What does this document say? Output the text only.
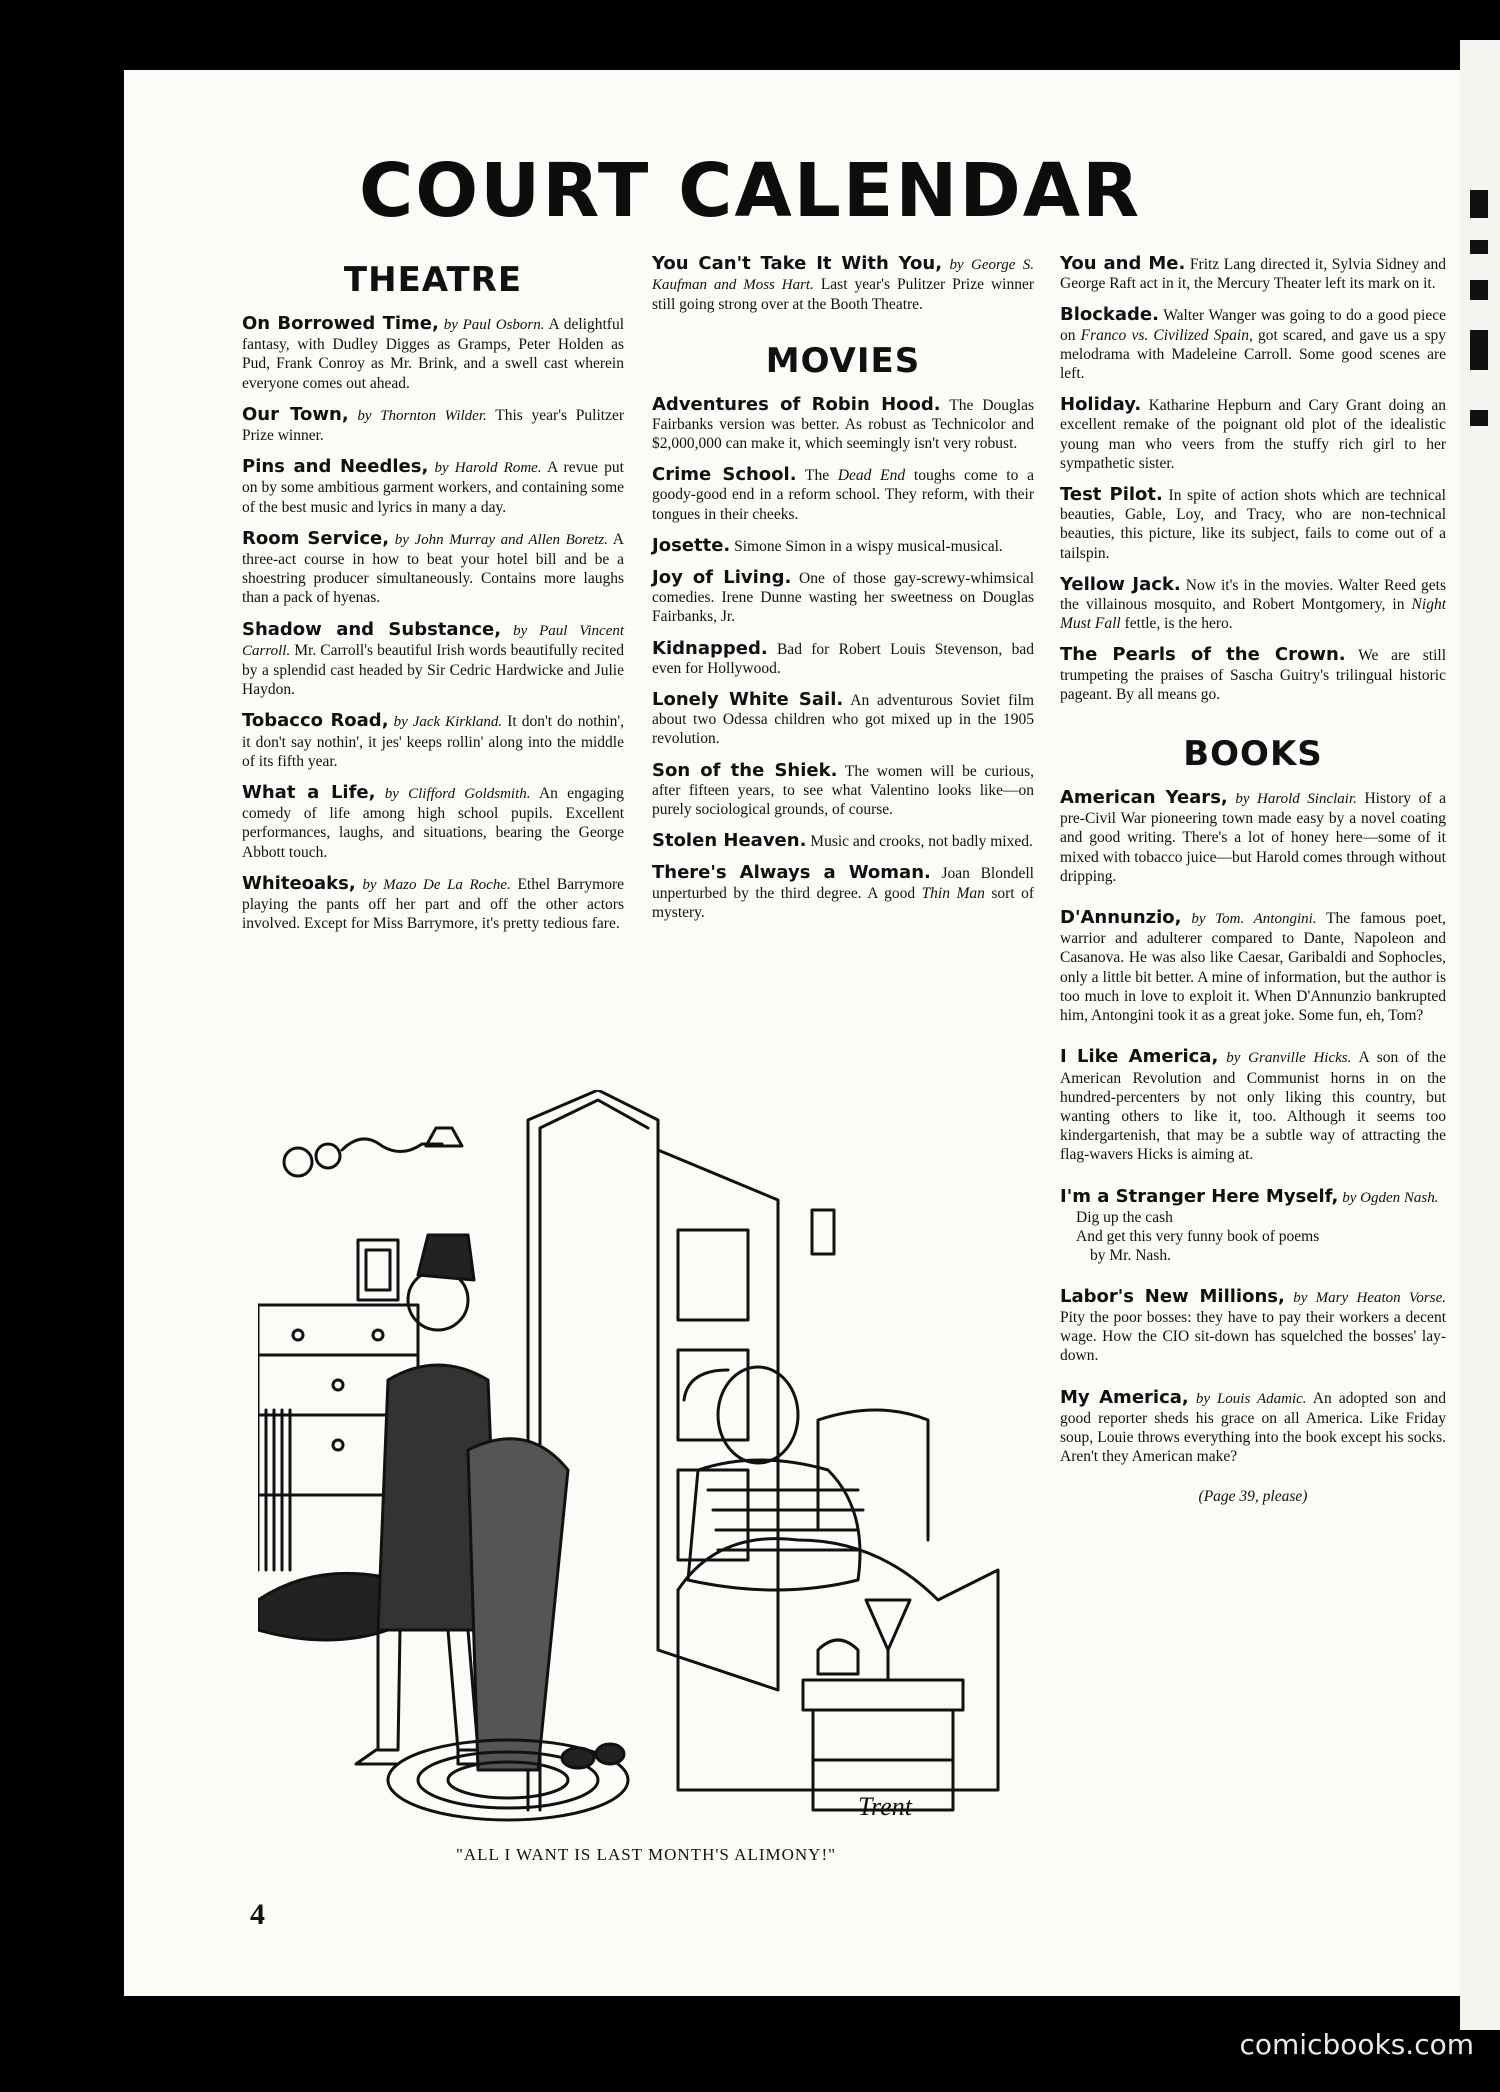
COURT CALENDAR
THEATRE

On Borrowed Time, by Paul Osborn. A delightful fantasy, with Dudley Digges as Gramps, Peter Holden as Pud, Frank Conroy as Mr. Brink, and a swell cast wherein everyone comes out ahead.

Our Town, by Thornton Wilder. This year's Pulitzer Prize winner.

Pins and Needles, by Harold Rome. A revue put on by some ambitious garment workers, and containing some of the best music and lyrics in many a day.

Room Service, by John Murray and Allen Boretz. A three-act course in how to beat your hotel bill and be a shoestring producer simultaneously. Contains more laughs than a pack of hyenas.

Shadow and Substance, by Paul Vincent Carroll. Mr. Carroll's beautiful Irish words beautifully recited by a splendid cast headed by Sir Cedric Hardwicke and Julie Haydon.

Tobacco Road, by Jack Kirkland. It don't do nothin', it don't say nothin', it jes' keeps rollin' along into the middle of its fifth year.

What a Life, by Clifford Goldsmith. An engaging comedy of life among high school pupils. Excellent performances, laughs, and situations, bearing the George Abbott touch.

Whiteoaks, by Mazo De La Roche. Ethel Barrymore playing the pants off her part and off the other actors involved. Except for Miss Barrymore, it's pretty tedious fare.

You Can't Take It With You, by George S. Kaufman and Moss Hart. Last year's Pulitzer Prize winner still going strong over at the Booth Theatre.

MOVIES

Adventures of Robin Hood. The Douglas Fairbanks version was better. As robust as Technicolor and $2,000,000 can make it, which seemingly isn't very robust.

Crime School. The Dead End toughs come to a goody-good end in a reform school. They reform, with their tongues in their cheeks.

Josette. Simone Simon in a wispy musical-musical.

Joy of Living. One of those gay-screwy-whimsical comedies. Irene Dunne wasting her sweetness on Douglas Fairbanks, Jr.

Kidnapped. Bad for Robert Louis Stevenson, bad even for Hollywood.

Lonely White Sail. An adventurous Soviet film about two Odessa children who got mixed up in the 1905 revolution.

Son of the Shiek. The women will be curious, after fifteen years, to see what Valentino looks like—on purely sociological grounds, of course.

Stolen Heaven. Music and crooks, not badly mixed.

There's Always a Woman. Joan Blondell unperturbed by the third degree. A good Thin Man sort of mystery.

You and Me. Fritz Lang directed it, Sylvia Sidney and George Raft act in it, the Mercury Theater left its mark on it.

Blockade. Walter Wanger was going to do a good piece on Franco vs. Civilized Spain, got scared, and gave us a spy melodrama with Madeleine Carroll. Some good scenes are left.

Holiday. Katharine Hepburn and Cary Grant doing an excellent remake of the poignant old plot of the idealistic young man who veers from the stuffy rich girl to her sympathetic sister.

Test Pilot. In spite of action shots which are technical beauties, Gable, Loy, and Tracy, who are non-technical beauties, this picture, like its subject, fails to come out of a tailspin.

Yellow Jack. Now it's in the movies. Walter Reed gets the villainous mosquito, and Robert Montgomery, in Night Must Fall fettle, is the hero.

The Pearls of the Crown. We are still trumpeting the praises of Sascha Guitry's trilingual historic pageant. By all means go.

BOOKS

American Years, by Harold Sinclair. History of a pre-Civil War pioneering town made easy by a novel coating and good writing. There's a lot of honey here—some of it mixed with tobacco juice—but Harold comes through without dripping.

D'Annunzio, by Tom. Antongini. The famous poet, warrior and adulterer compared to Dante, Napoleon and Casanova. He was also like Caesar, Garibaldi and Sophocles, only a little bit better. A mine of information, but the author is too much in love to exploit it. When D'Annunzio bankrupted him, Antongini took it as a great joke. Some fun, eh, Tom?

I Like America, by Granville Hicks. A son of the American Revolution and Communist horns in on the hundred-percenters by not only liking this country, but wanting others to like it, too. Although it seems too kindergartenish, that may be a subtle way of attracting the flag-wavers Hicks is aiming at.

I'm a Stranger Here Myself, by Ogden Nash.
Dig up the cash
And get this very funny book of poems
by Mr. Nash.

Labor's New Millions, by Mary Heaton Vorse. Pity the poor bosses: they have to pay their workers a decent wage. How the CIO sit-down has squelched the bosses' lay-down.

My America, by Louis Adamic. An adopted son and good reporter sheds his grace on all America. Like Friday soup, Louie throws everything into the book except his socks. Aren't they American make?

(Page 39, please)
Trent
"ALL I WANT IS LAST MONTH'S ALIMONY!"
4
comicbooks.com
